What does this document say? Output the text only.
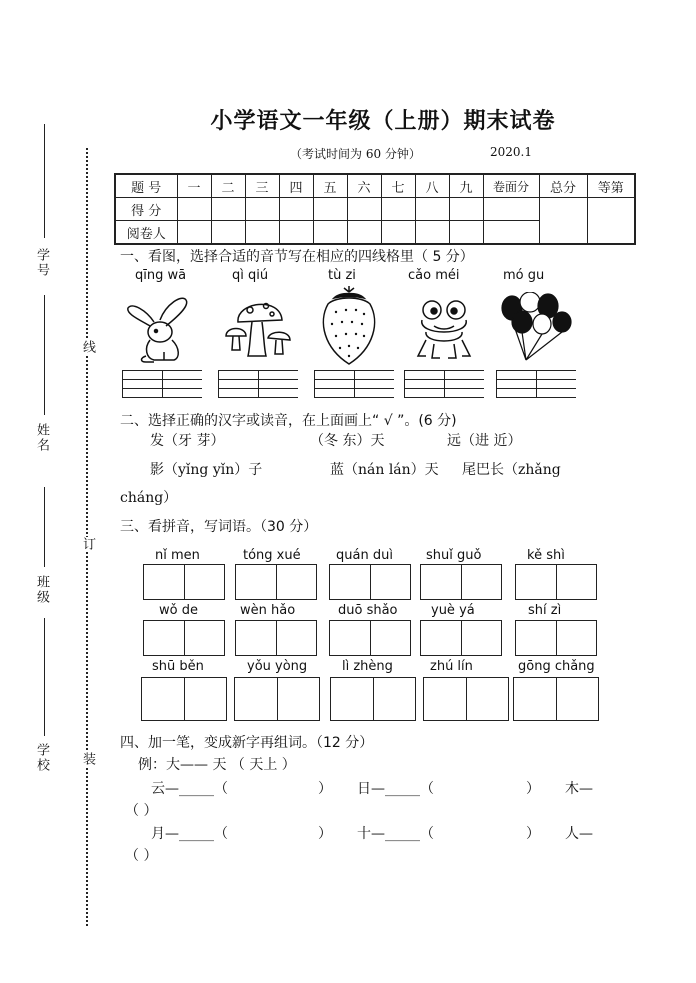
学号
姓名
班级
学校
线
订
装
小学语文一年级（上册）期末试卷
（考试时间为 60 分钟）	2020.1
题 号	一	二	三	四	五	六	七	八	九	卷面分	总分	等第
得 分												
阅卷人												
一、看图，选择合适的音节写在相应的四线格里（ 5 分）
qīng wā	qì qiú	tù zi	cǎo méi	mó gu
二、选择正确的汉字或读音，在上面画上“ √ ”。(6 分)
发（牙 芽）	（冬 东）天	远（进 近）
影（yǐng yǐn）子	蓝（nán lán）天 尾巴长（zhǎng
cháng）
三、看拼音，写词语。（30 分）
nǐ men	tóng xué	quán duì	shuǐ guǒ	kě shì
wǒ de	wèn hǎo	duō shǎo	yuè yá	shí zì
shū běn	yǒu yòng	lì zhèng	zhú lín	gōng chǎng
四、加一笔，变成新字再组词。（12 分）
例：大—— 天 （ 天上 ）
云—_____（	） 日—_____（	） 木—
（ ）
月—_____（	） 十—_____（	） 人—
（ ）
